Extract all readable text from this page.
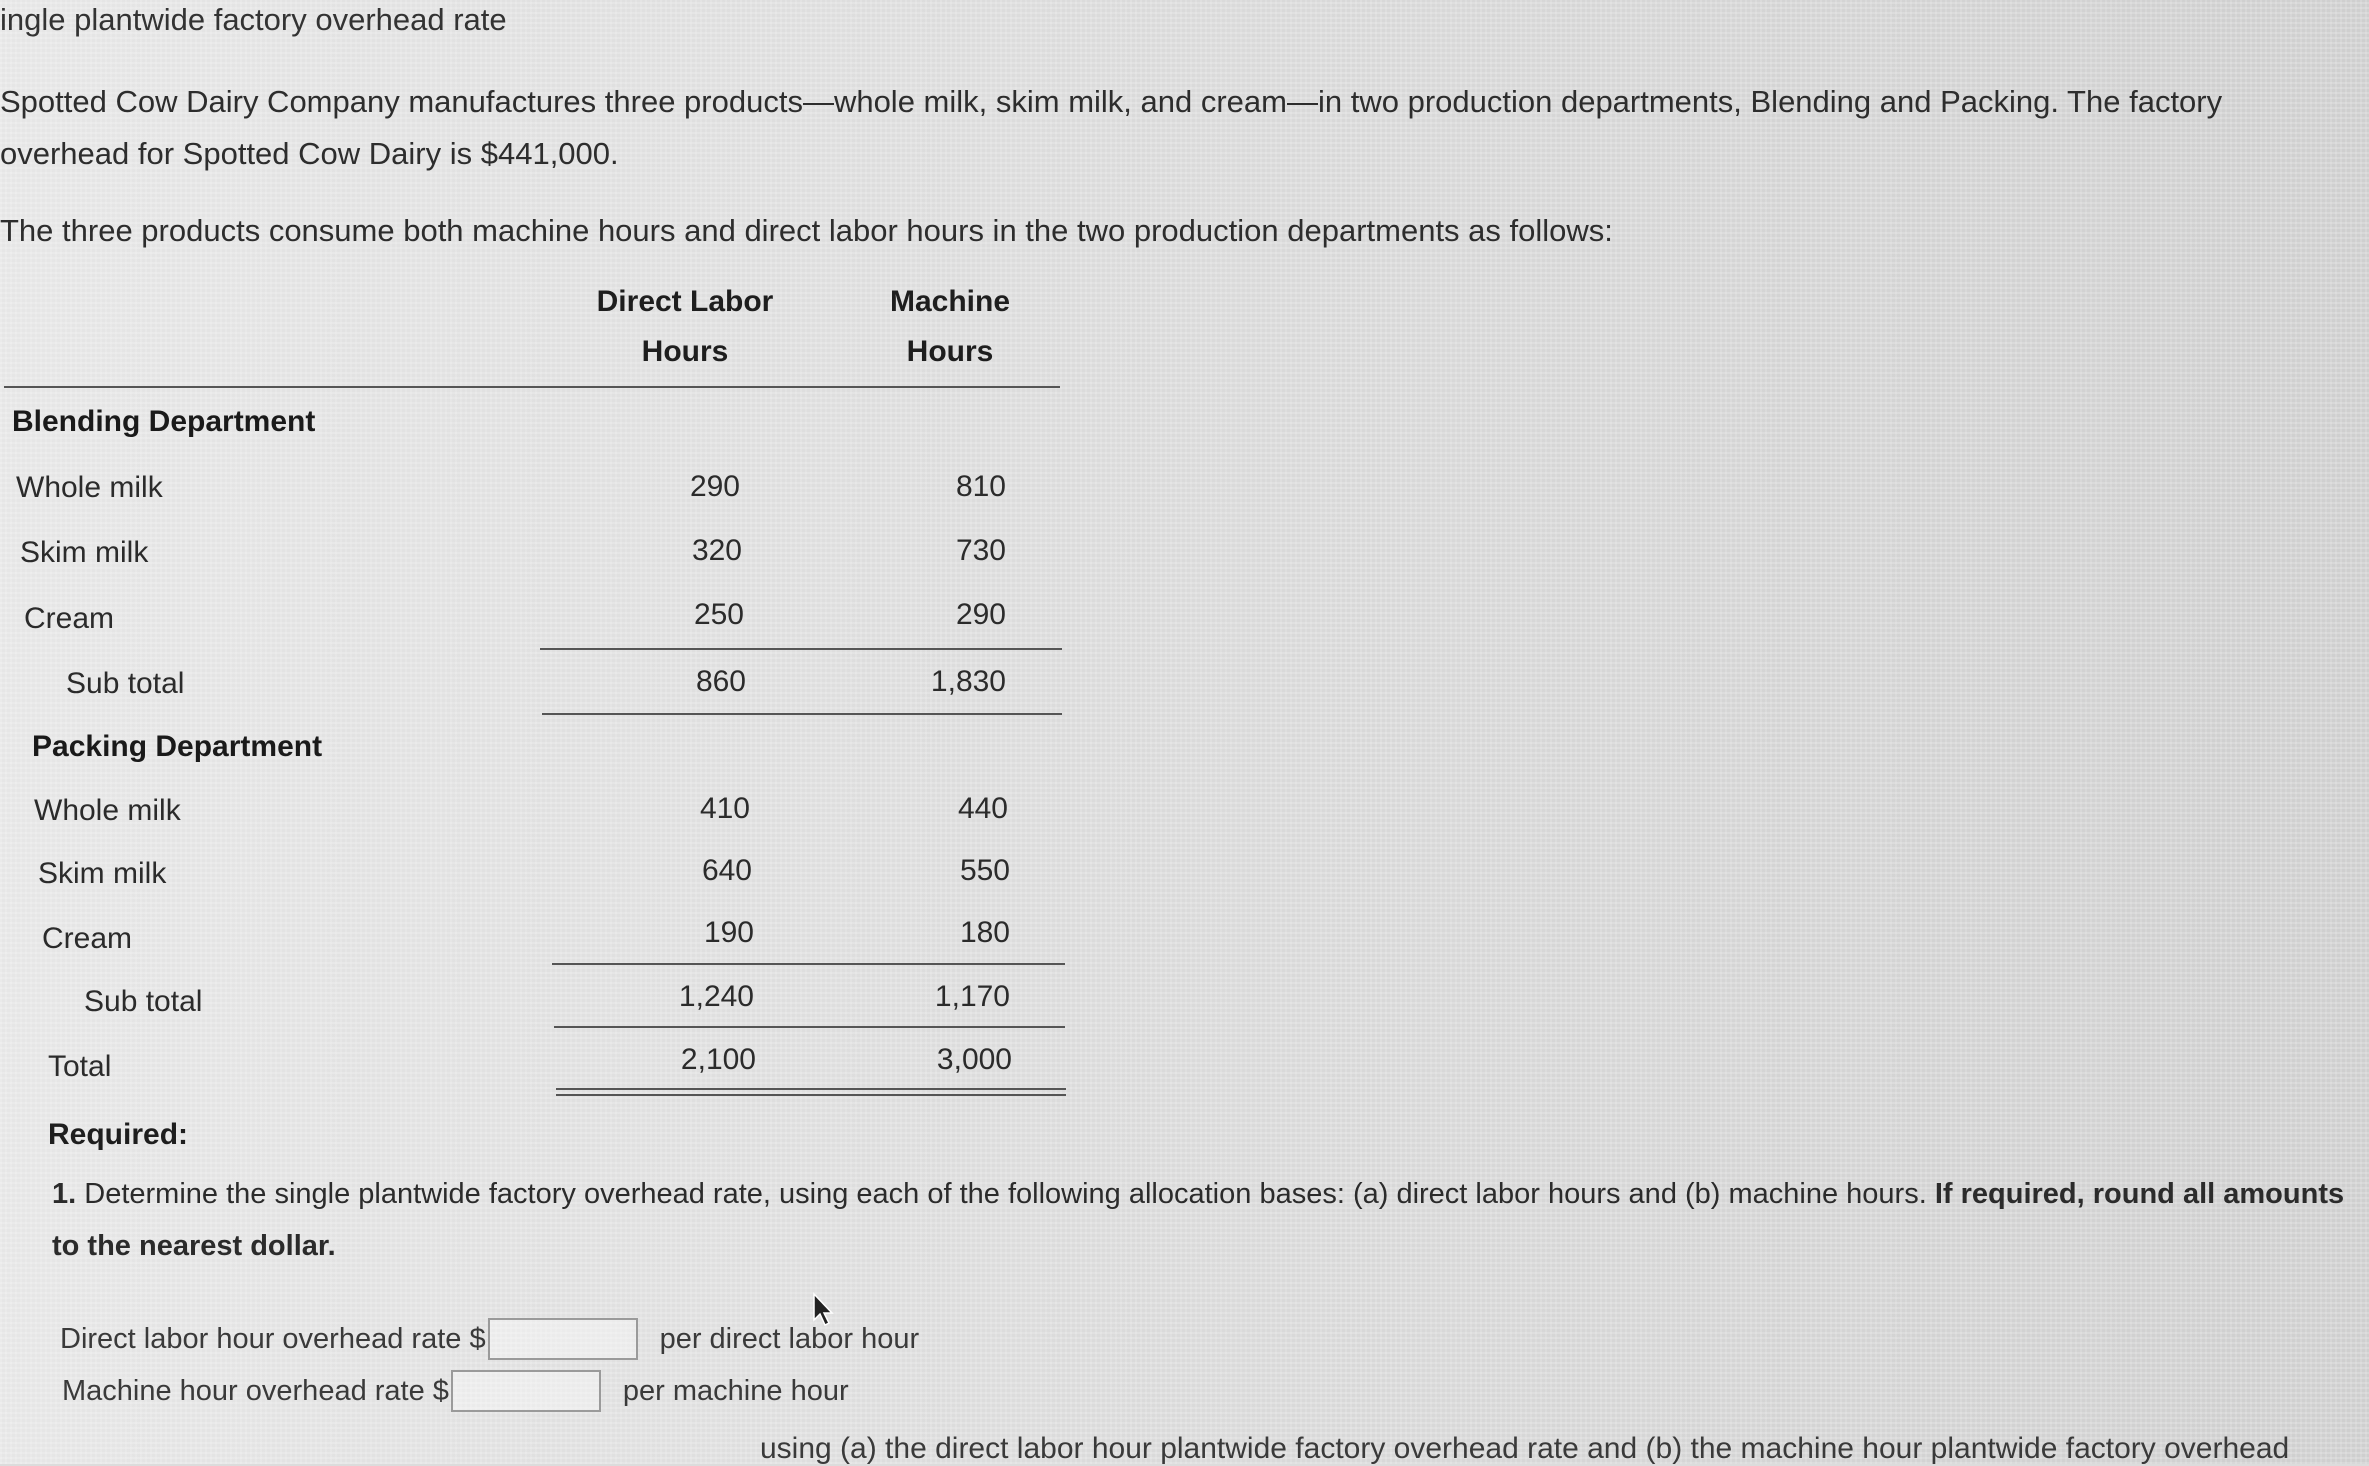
ingle plantwide factory overhead rate
Spotted Cow Dairy Company manufactures three products—whole milk, skim milk, and cream—in two production departments, Blending and Packing. The factory
overhead for Spotted Cow Dairy is $441,000.
The three products consume both machine hours and direct labor hours in the two production departments as follows:
Direct Labor
Hours
Machine
Hours
Blending Department
Whole milk	290	810
Skim milk	320	730
Cream	250	290
Sub total	860	1,830
Packing Department
Whole milk	410	440
Skim milk	640	550
Cream	190	180
Sub total	1,240	1,170
Total	2,100	3,000
Required:
1. Determine the single plantwide factory overhead rate, using each of the following allocation bases: (a) direct labor hours and (b) machine hours. If required, round all amounts to the nearest dollar.
Direct labor hour overhead rate $	per direct labor hour
Machine hour overhead rate $	per machine hour
using (a) the direct labor hour plantwide factory overhead rate and (b) the machine hour plantwide factory overhead
